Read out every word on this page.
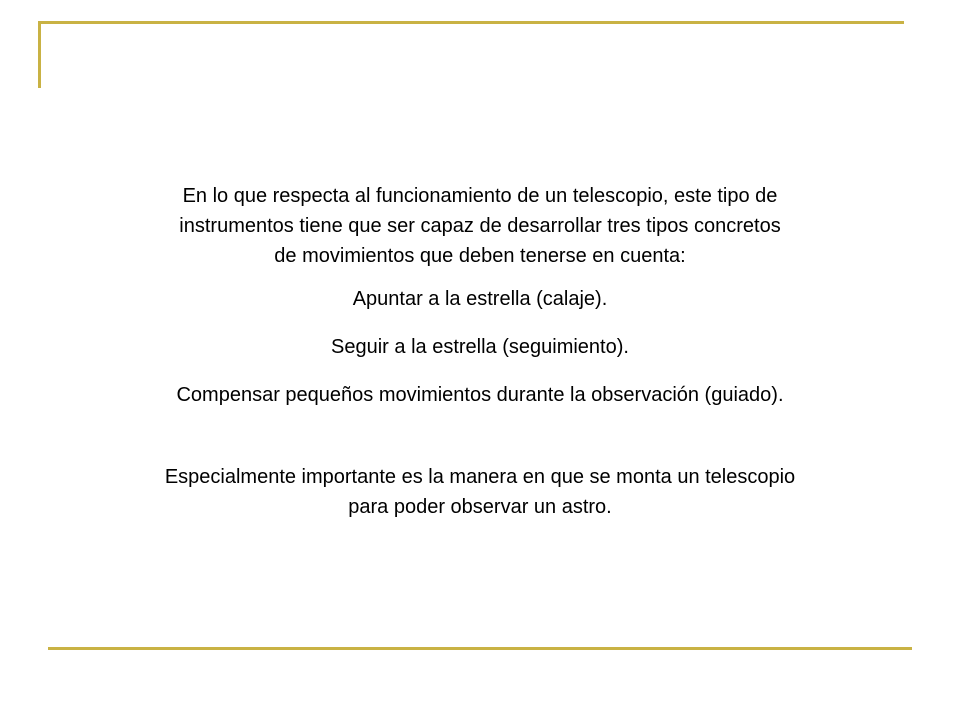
En lo que respecta al funcionamiento de un telescopio, este tipo de
instrumentos tiene que ser capaz de desarrollar tres tipos concretos
de movimientos que deben tenerse en cuenta:

Apuntar a la estrella (calaje).
Seguir a la estrella (seguimiento).
Compensar pequeños movimientos durante la observación (guiado).

Especialmente importante es la manera en que se monta un telescopio
para poder observar un astro.
